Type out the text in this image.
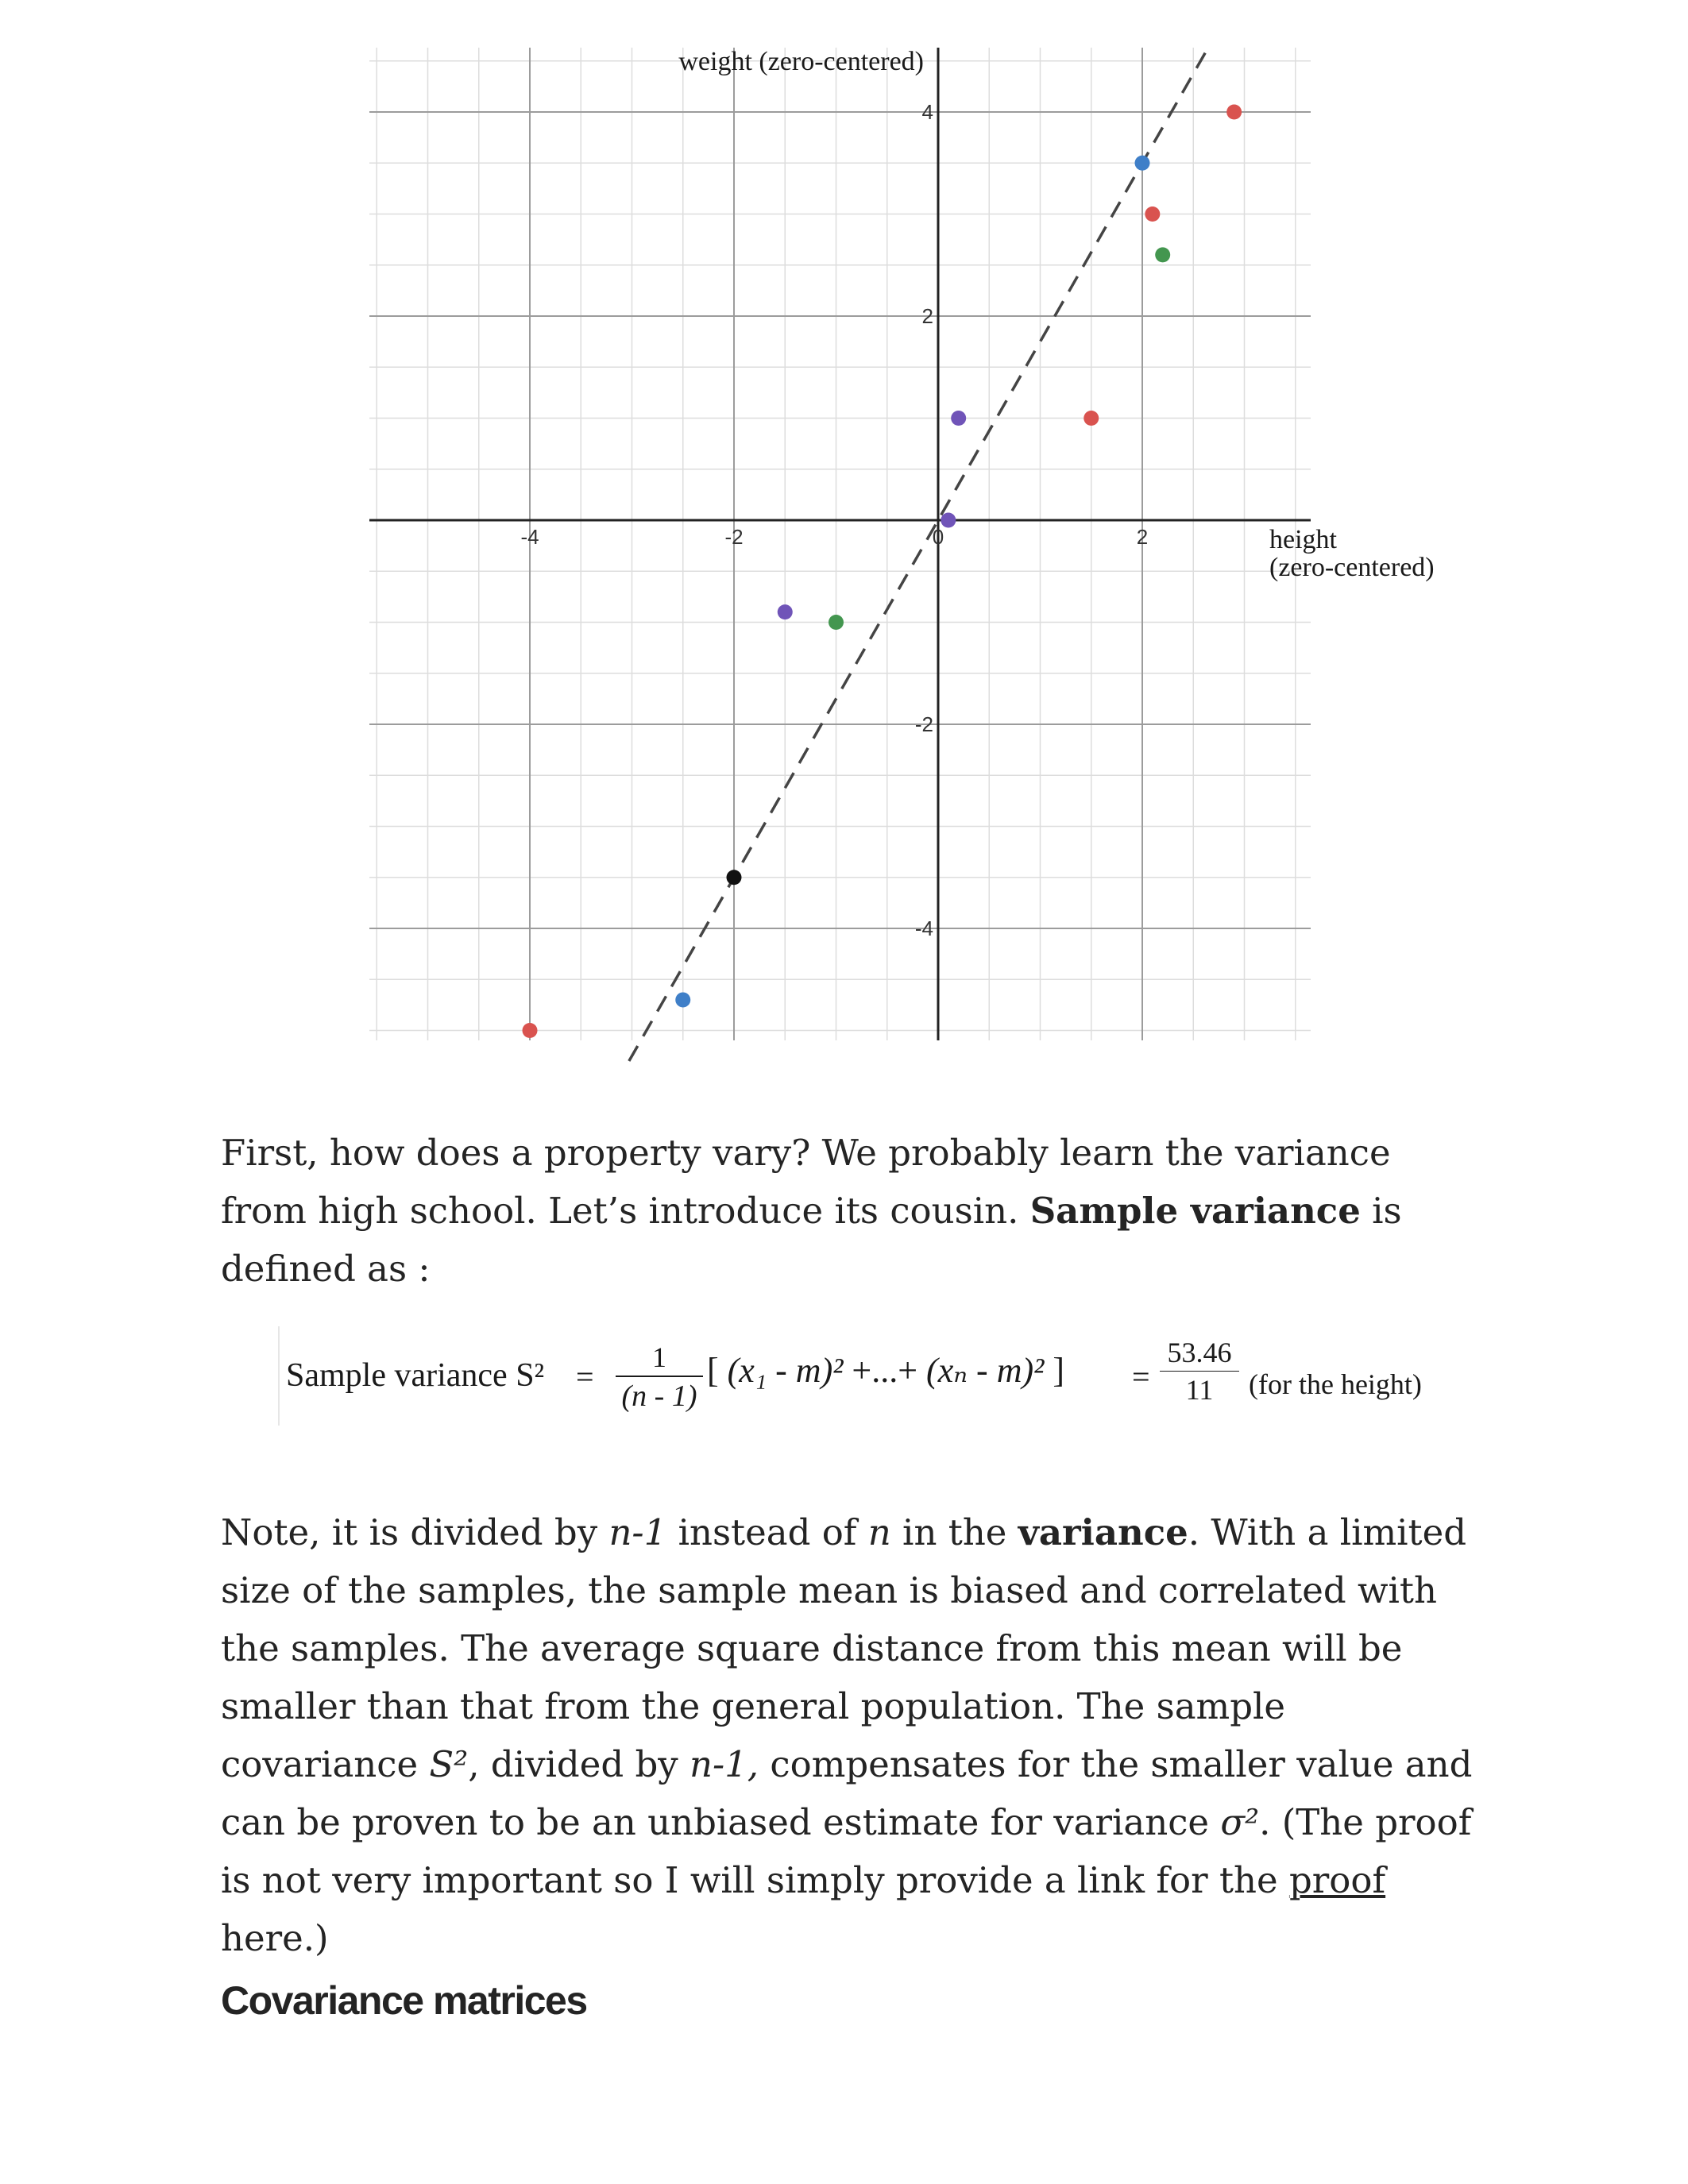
-4	-2	0	2
4
2
-2
-4
weight (zero-centered)
height (zero-centered)

First, how does a property vary? We probably learn the variance from high school. Let’s introduce its cousin. Sample variance is defined as :

Sample variance S² =
1
(n - 1)
[ (x₁ - m)² +...+ (xₙ - m)² ] =
53.46
11	(for the height)

Note, it is divided by n-1 instead of n in the variance. With a limited size of the samples, the sample mean is biased and correlated with the samples. The average square distance from this mean will be smaller than that from the general population. The sample covariance S², divided by n-1, compensates for the smaller value and can be proven to be an unbiased estimate for variance σ². (The proof is not very important so I will simply provide a link for the proof here.)

Covariance matrices
